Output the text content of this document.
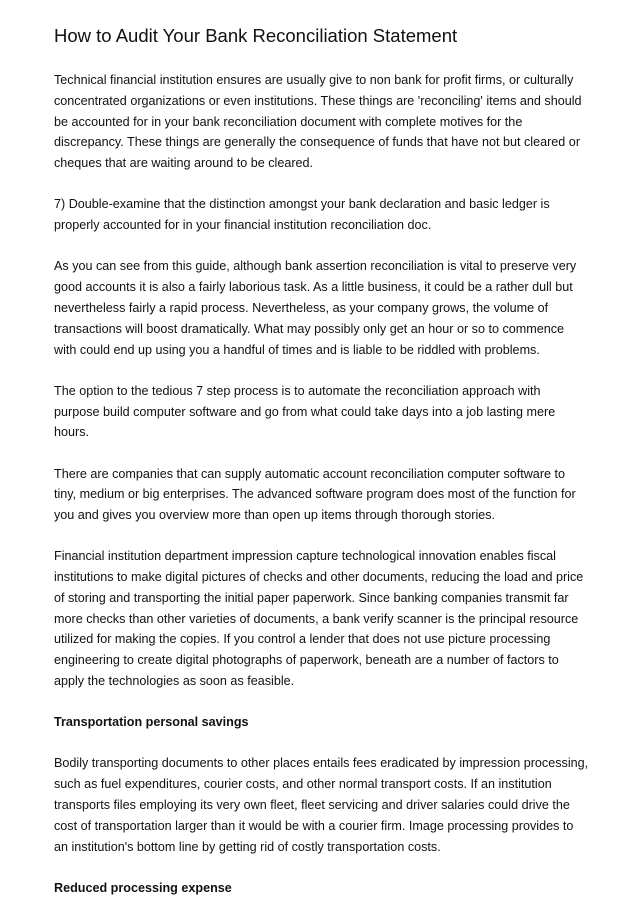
How to Audit Your Bank Reconciliation Statement

Technical financial institution ensures are usually give to non bank for profit firms, or culturally concentrated organizations or even institutions. These things are 'reconciling' items and should be accounted for in your bank reconciliation document with complete motives for the discrepancy. These things are generally the consequence of funds that have not but cleared or cheques that are waiting around to be cleared.

7) Double-examine that the distinction amongst your bank declaration and basic ledger is properly accounted for in your financial institution reconciliation doc.

As you can see from this guide, although bank assertion reconciliation is vital to preserve very good accounts it is also a fairly laborious task. As a little business, it could be a rather dull but nevertheless fairly a rapid process. Nevertheless, as your company grows, the volume of transactions will boost dramatically. What may possibly only get an hour or so to commence with could end up using you a handful of times and is liable to be riddled with problems.

The option to the tedious 7 step process is to automate the reconciliation approach with purpose build computer software and go from what could take days into a job lasting mere hours.

There are companies that can supply automatic account reconciliation computer software to tiny, medium or big enterprises. The advanced software program does most of the function for you and gives you overview more than open up items through thorough stories.

Financial institution department impression capture technological innovation enables fiscal institutions to make digital pictures of checks and other documents, reducing the load and price of storing and transporting the initial paper paperwork. Since banking companies transmit far more checks than other varieties of documents, a bank verify scanner is the principal resource utilized for making the copies. If you control a lender that does not use picture processing engineering to create digital photographs of paperwork, beneath are a number of factors to apply the technologies as soon as feasible.

Transportation personal savings

Bodily transporting documents to other places entails fees eradicated by impression processing, such as fuel expenditures, courier costs, and other normal transport costs. If an institution transports files employing its very own fleet, fleet servicing and driver salaries could drive the cost of transportation larger than it would be with a courier firm. Image processing provides to an institution's bottom line by getting rid of costly transportation costs.

Reduced processing expense
